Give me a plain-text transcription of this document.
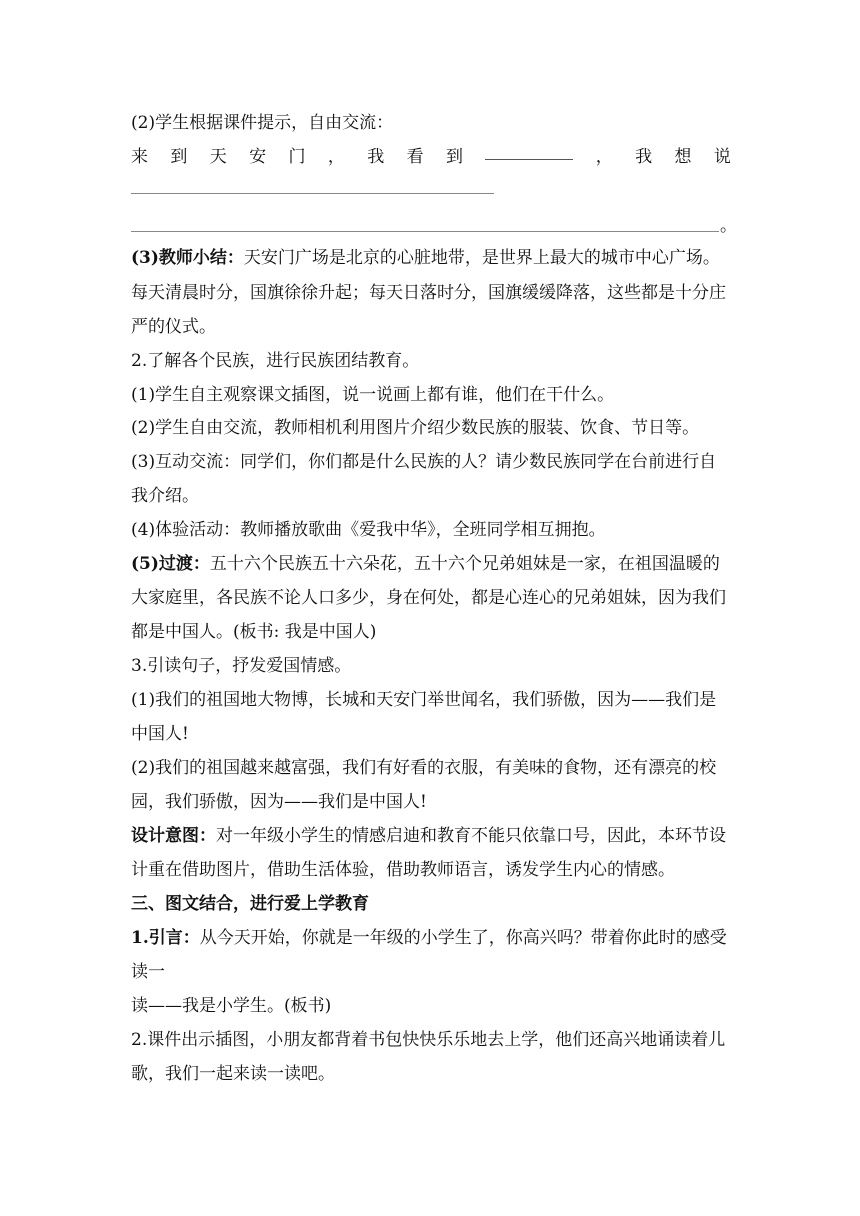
(2)学生根据课件提示，自由交流：
来 到 天 安 门 ， 我 看 到	， 我 想 说
。
(3)教师小结：天安门广场是北京的心脏地带，是世界上最大的城市中心广场。
每天清晨时分，国旗徐徐升起；每天日落时分，国旗缓缓降落，这些都是十分庄
严的仪式。
2.了解各个民族，进行民族团结教育。
(1)学生自主观察课文插图，说一说画上都有谁，他们在干什么。
(2)学生自由交流，教师相机利用图片介绍少数民族的服装、饮食、节日等。
(3)互动交流：同学们，你们都是什么民族的人？请少数民族同学在台前进行自
我介绍。
(4)体验活动：教师播放歌曲《爱我中华》，全班同学相互拥抱。
(5)过渡：五十六个民族五十六朵花，五十六个兄弟姐妹是一家，在祖国温暖的
大家庭里，各民族不论人口多少，身在何处，都是心连心的兄弟姐妹，因为我们
都是中国人。(板书: 我是中国人)
3.引读句子，抒发爱国情感。
(1)我们的祖国地大物博，长城和天安门举世闻名，我们骄傲，因为——我们是
中国人!
(2)我们的祖国越来越富强，我们有好看的衣服，有美味的食物，还有漂亮的校
园，我们骄傲，因为——我们是中国人!
设计意图：对一年级小学生的情感启迪和教育不能只依靠口号，因此，本环节设
计重在借助图片，借助生活体验，借助教师语言，诱发学生内心的情感。
三、图文结合，进行爱上学教育
1.引言：从今天开始，你就是一年级的小学生了，你高兴吗？带着你此时的感受
读一
读——我是小学生。(板书)
2.课件出示插图，小朋友都背着书包快快乐乐地去上学，他们还高兴地诵读着儿
歌，我们一起来读一读吧。
